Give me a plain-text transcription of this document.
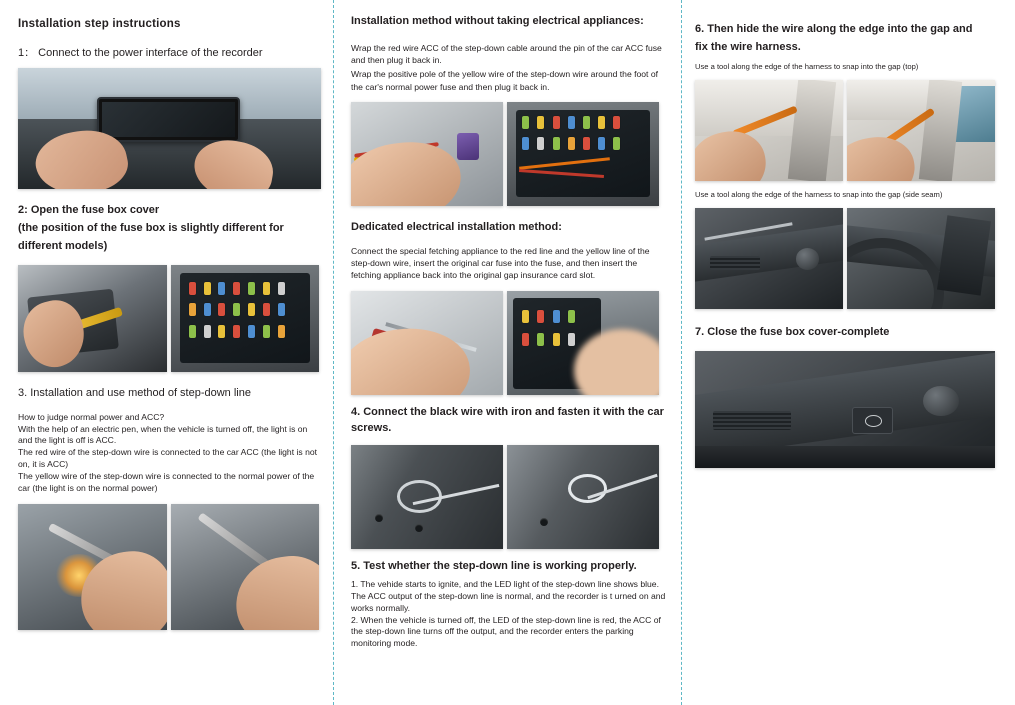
Installation step instructions

1： Connect to the power interface of the recorder

2: Open the fuse box cover

(the position of the fuse box is slightly different for

different models)

3. Installation and use method of step-down line

How to judge normal power and ACC?

With the help of an electric pen, when the vehicle is turned off, the light is on and the light is off is ACC.

The red wire of the step-down wire is connected to the car ACC (the light is not on, it is ACC)

The yellow wire of the step-down wire is connected to the normal power of the car (the light is on the normal power)

Installation method without taking electrical appliances:

Wrap the red wire ACC of the step-down cable around the pin of the car ACC fuse and then plug it back in.

Wrap the positive pole of the yellow wire of the step-down wire around the foot of the car's normal power fuse and then plug it back in.

Dedicated electrical installation method:

Connect the special fetching appliance to the red line and the yellow line of the step-down wire, insert the original car fuse into the fuse, and then insert the fetching appliance back into the original gap insurance card slot.

4. Connect the black wire with iron and fasten it with the car screws.

5. Test whether the step-down line is working properly.

1. The vehide starts to ignite, and the LED light of the step-down line shows blue.

The ACC output of the step-down line is normal, and the recorder is t urned on and works normally.

2. When the vehicle is turned off, the LED of the step-down line is red, the ACC of the step-down line turns off the output, and the recorder enters the parking monitoring mode.

6. Then hide the wire along the edge into the gap and

fix the wire harness.

Use a tool along the edge of the harness to snap into the gap (top)

Use a tool along the edge of the harness to snap into the gap (side seam)

7. Close the fuse box cover-complete
